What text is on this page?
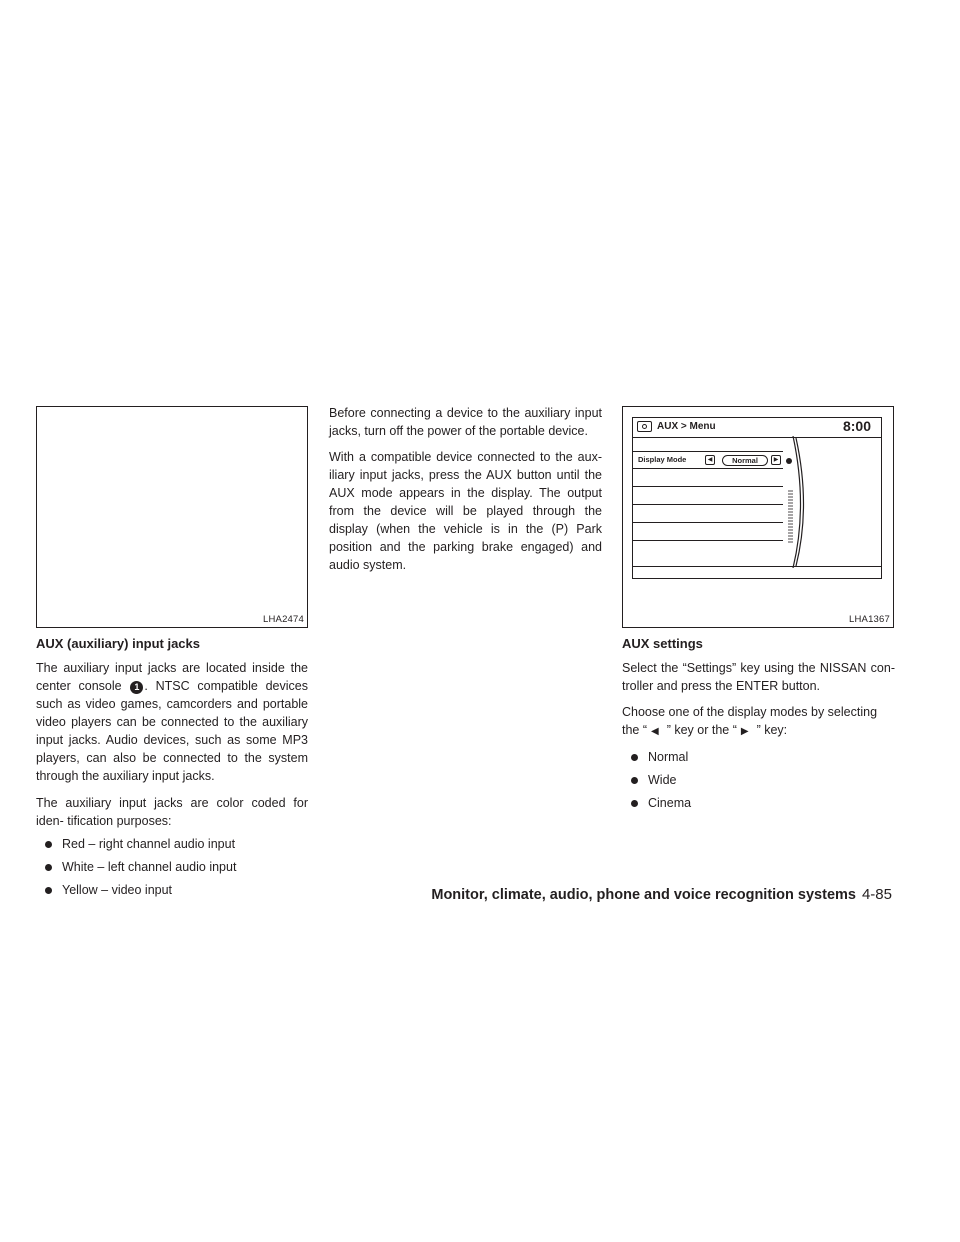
LHA2474	LHA1367
AUX > Menu	8:00
Display Mode	◀	Normal	▶
AUX (auxiliary) input jacks

The auxiliary input jacks are located inside the center console 1 . NTSC compatible devices such as video games, camcorders and portable video players can be connected to the auxiliary input jacks. Audio devices, such as some MP3 players, can also be connected to the system through the auxiliary input jacks.

The auxiliary input jacks are color coded for iden- tification purposes:

Red – right channel audio input
White – left channel audio input
Yellow – video input

Before connecting a device to the auxiliary input jacks, turn off the power of the portable device.

With a compatible device connected to the aux- iliary input jacks, press the AUX button until the AUX mode appears in the display. The output from the device will be played through the display (when the vehicle is in the (P) Park position and the parking brake engaged) and audio system.

AUX settings

Select the “Settings” key using the NISSAN con- troller and press the ENTER button.

Choose one of the display modes by selecting the “ ◀ ” key or the “ ▶ ” key:

Normal
Wide
Cinema
Monitor, climate, audio, phone and voice recognition systems 4-85
